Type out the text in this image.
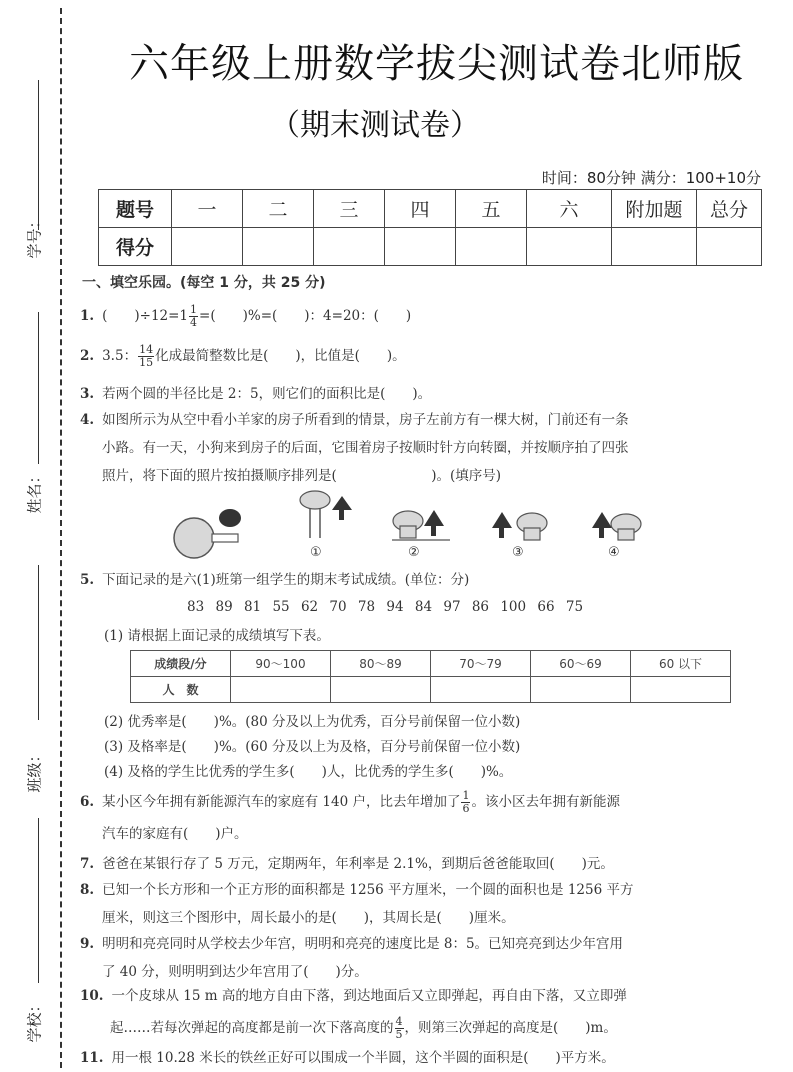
学号：
姓名：
班级：
学校：
六年级上册数学拔尖测试卷北师版
（期末测试卷）
时间：80分钟 满分：100+10分
题号	一	二	三	四	五	六	附加题	总分
得分								
一、填空乐园。(每空 1 分，共 25 分)
1. (　　)$\div 12=1 \frac{1}{4}$ =(　　)%=(　　)：4=20：(　　)
2. 3.5： $\frac{14}{15}$ 化成最简整数比是(　　)，比值是(　　)。
3. 若两个圆的半径比是 2：5，则它们的面积比是(　　)。
4. 如图所示为从空中看小羊家的房子所看到的情景，房子左前方有一棵大树，门前还有一条
小路。有一天，小狗来到房子的后面，它围着房子按顺时针方向转圈，并按顺序拍了四张
照片，将下面的照片按拍摄顺序排列是(　　　　　　　)。(填序号)
①	②	③	④
5. 下面记录的是六(1)班第一组学生的期末考试成绩。(单位：分)
83 89 81 55 62 70 78 94 84 97 86 100 66 75
(1) 请根据上面记录的成绩填写下表。
成绩段/分	90～100	80～89	70～79	60～69	60 以下
人　数					
(2) 优秀率是(　　)%。(80 分及以上为优秀，百分号前保留一位小数)
(3) 及格率是(　　)%。(60 分及以上为及格，百分号前保留一位小数)
(4) 及格的学生比优秀的学生多(　　)人，比优秀的学生多(　　)%。
6. 某小区今年拥有新能源汽车的家庭有 140 户，比去年增加了 $\frac{1}{6}$ 。该小区去年拥有新能源
汽车的家庭有(　　)户。
7. 爸爸在某银行存了 5 万元，定期两年，年利率是 2.1%，到期后爸爸能取回(　　)元。
8. 已知一个长方形和一个正方形的面积都是 1256 平方厘米，一个圆的面积也是 1256 平方
厘米，则这三个图形中，周长最小的是(　　)，其周长是(　　)厘米。
9. 明明和亮亮同时从学校去少年宫，明明和亮亮的速度比是 8：5。已知亮亮到达少年宫用
了 40 分，则明明到达少年宫用了(　　)分。
10. 一个皮球从 15 m 高的地方自由下落，到达地面后又立即弹起，再自由下落，又立即弹
起……若每次弹起的高度都是前一次下落高度的 $\frac{4}{5}$ ，则第三次弹起的高度是(　　)m。
11. 用一根 10.28 米长的铁丝正好可以围成一个半圆，这个半圆的面积是(　　)平方米。
